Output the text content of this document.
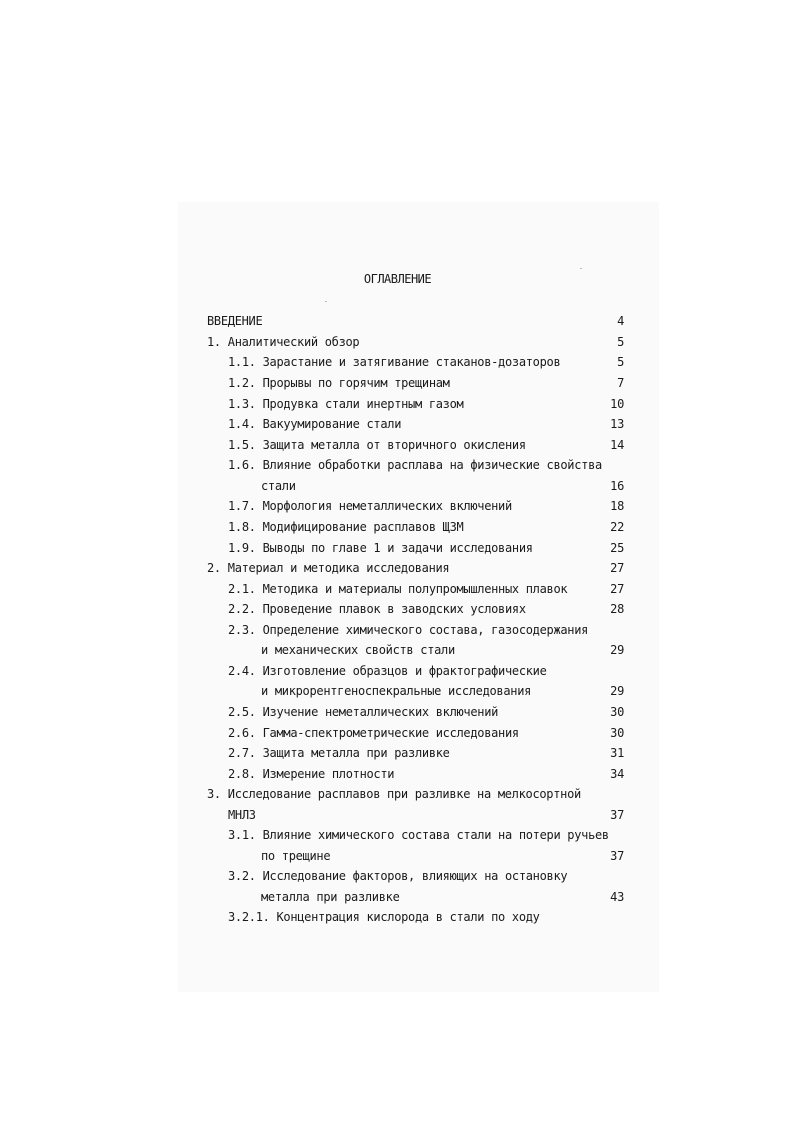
ОГЛАВЛЕНИЕ
ВВЕДЕНИЕ	4
1. Аналитический обзор	5
1.1. Зарастание и затягивание стаканов-дозаторов	5
1.2. Прорывы по горячим трещинам	7
1.3. Продувка стали инертным газом	10
1.4. Вакуумирование стали	13
1.5. Защита металла от вторичного окисления	14
1.6. Влияние обработки расплава на физические свойства
стали	16
1.7. Морфология неметаллических включений	18
1.8. Модифицирование расплавов ЩЗМ	22
1.9. Выводы по главе 1 и задачи исследования	25
2. Материал и методика исследования	27
2.1. Методика и материалы полупромышленных плавок	27
2.2. Проведение плавок в заводских условиях	28
2.3. Определение химического состава, газосодержания
и механических свойств стали	29
2.4. Изготовление образцов и фрактографические
и микрорентгеноспекральные исследования	29
2.5. Изучение неметаллических включений	30
2.6. Гамма-спектрометрические исследования	30
2.7. Защита металла при разливке	31
2.8. Измерение плотности	34
3. Исследование расплавов при разливке на мелкосортной
МНЛЗ	37
3.1. Влияние химического состава стали на потери ручьев
по трещине	37
3.2. Исследование факторов, влияющих на остановку
металла при разливке	43
3.2.1. Концентрация кислорода в стали по ходу
